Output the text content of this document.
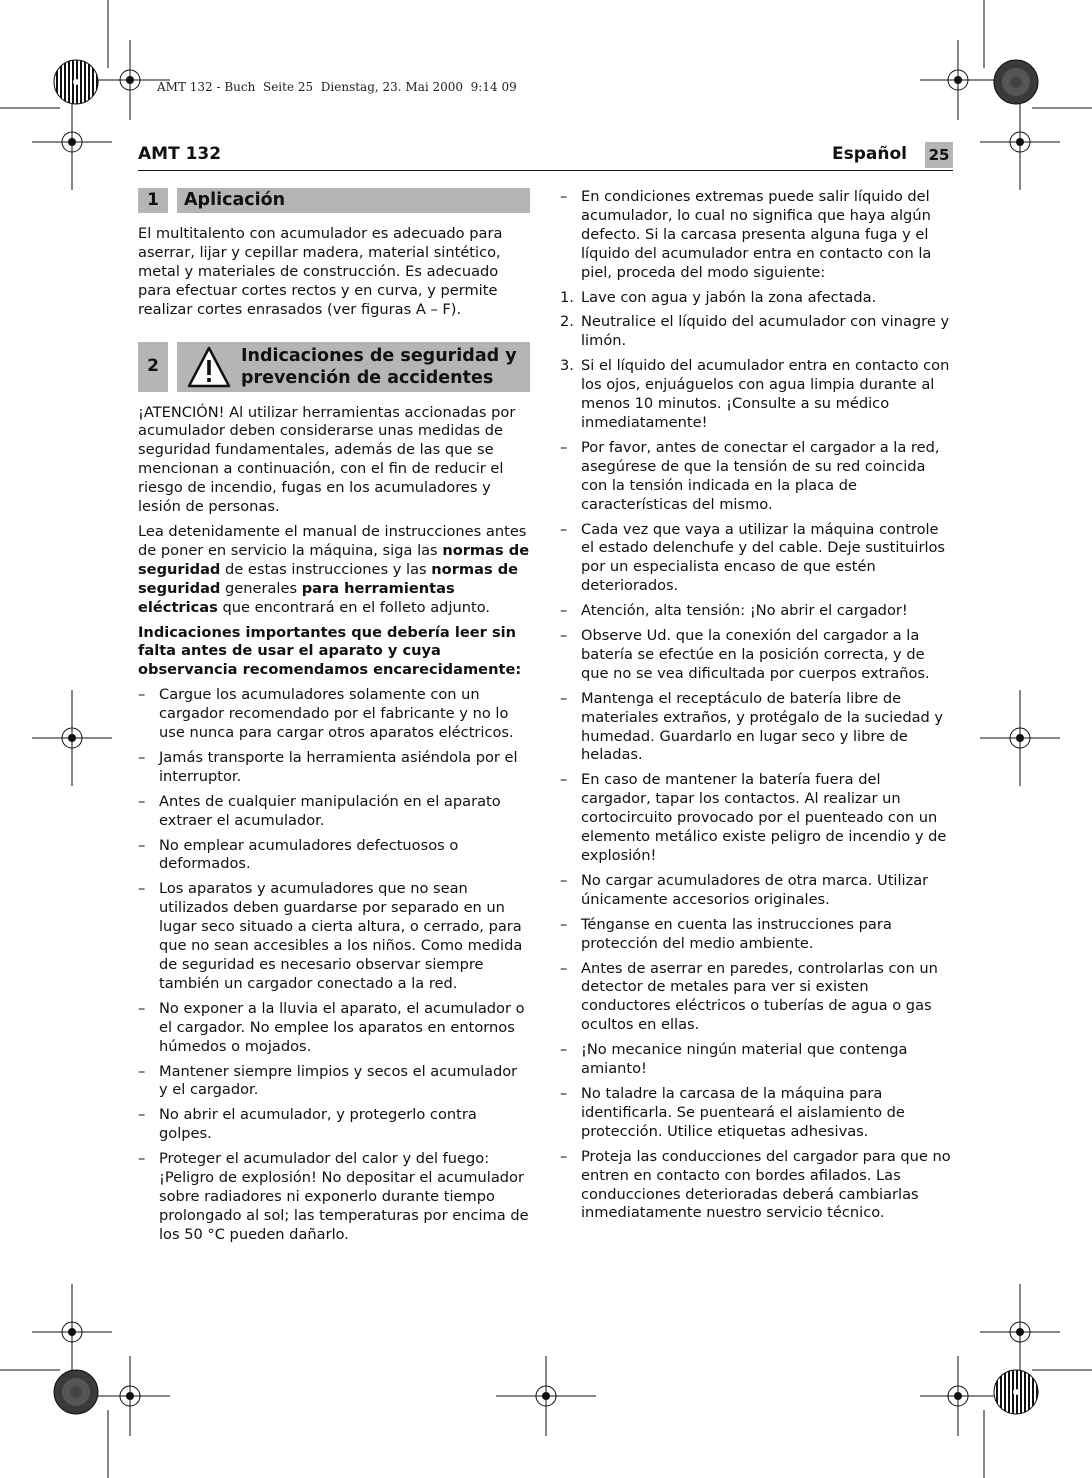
AMT 132 - Buch  Seite 25  Dienstag, 23. Mai 2000  9:14 09
AMT 132	Español 25
1	Aplicación

El multitalento con acumulador es adecuado para aserrar, lijar y cepillar madera, material sintético, metal y materiales de construcción. Es adecuado para efectuar cortes rectos y en curva, y permite realizar cortes enrasados (ver figuras A – F).

2
Indicaciones de seguridad y
prevención de accidentes

¡ATENCIÓN! Al utilizar herramientas accionadas por acumulador deben considerarse unas medidas de seguridad fundamentales, además de las que se mencionan a continuación, con el fin de reducir el riesgo de incendio, fugas en los acumuladores y lesión de personas.

Lea detenidamente el manual de instrucciones antes de poner en servicio la máquina, siga las normas de seguridad de estas instrucciones y las normas de seguridad generales para herramientas eléctricas que encontrará en el folleto adjunto.

Indicaciones importantes que debería leer sin falta antes de usar el aparato y cuya observancia recomendamos encarecidamente:

– Cargue los acumuladores solamente con un cargador recomendado por el fabricante y no lo use nunca para cargar otros aparatos eléctricos.
– Jamás transporte la herramienta asiéndola por el interruptor.
– Antes de cualquier manipulación en el aparato extraer el acumulador.
– No emplear acumuladores defectuosos o deformados.
– Los aparatos y acumuladores que no sean utilizados deben guardarse por separado en un lugar seco situado a cierta altura, o cerrado, para que no sean accesibles a los niños. Como medida de seguridad es necesario observar siempre también un cargador conectado a la red.
– No exponer a la lluvia el aparato, el acumulador o el cargador. No emplee los aparatos en entornos húmedos o mojados.
– Mantener siempre limpios y secos el acumulador y el cargador.
– No abrir el acumulador, y protegerlo contra golpes.
– Proteger el acumulador del calor y del fuego: ¡Peligro de explosión! No depositar el acumulador sobre radiadores ni exponerlo durante tiempo prolongado al sol; las temperaturas por encima de los 50 °C pueden dañarlo.
– En condiciones extremas puede salir líquido del acumulador, lo cual no significa que haya algún defecto. Si la carcasa presenta alguna fuga y el líquido del acumulador entra en contacto con la piel, proceda del modo siguiente:
1. Lave con agua y jabón la zona afectada.
2. Neutralice el líquido del acumulador con vinagre y limón.
3. Si el líquido del acumulador entra en contacto con los ojos, enjuáguelos con agua limpia durante al menos 10 minutos. ¡Consulte a su médico inmediatamente!
– Por favor, antes de conectar el cargador a la red, asegúrese de que la tensión de su red coincida con la tensión indicada en la placa de características del mismo.
– Cada vez que vaya a utilizar la máquina controle el estado delenchufe y del cable. Deje sustituirlos por un especialista encaso de que estén deteriorados.
– Atención, alta tensión: ¡No abrir el cargador!
– Observe Ud. que la conexión del cargador a la batería se efectúe en la posición correcta, y de que no se vea dificultada por cuerpos extraños.
– Mantenga el receptáculo de batería libre de materiales extraños, y protégalo de la suciedad y humedad. Guardarlo en lugar seco y libre de heladas.
– En caso de mantener la batería fuera del cargador, tapar los contactos. Al realizar un cortocircuito provocado por el puenteado con un elemento metálico existe peligro de incendio y de explosión!
– No cargar acumuladores de otra marca. Utilizar únicamente accesorios originales.
– Ténganse en cuenta las instrucciones para protección del medio ambiente.
– Antes de aserrar en paredes, controlarlas con un detector de metales para ver si existen conductores eléctricos o tuberías de agua o gas ocultos en ellas.
– ¡No mecanice ningún material que contenga amianto!
– No taladre la carcasa de la máquina para identificarla. Se puenteará el aislamiento de protección. Utilice etiquetas adhesivas.
– Proteja las conducciones del cargador para que no entren en contacto con bordes afilados. Las conducciones deterioradas deberá cambiarlas inmediatamente nuestro servicio técnico.
